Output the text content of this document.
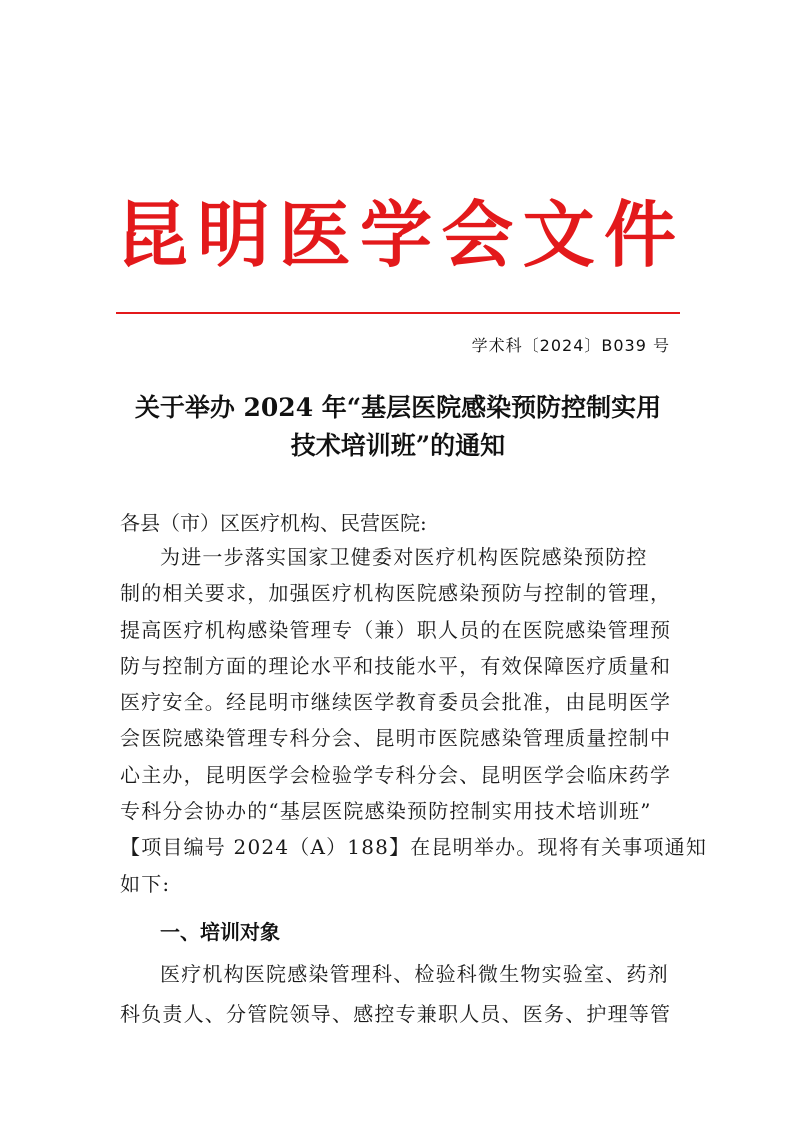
昆 明 医 学 会 文 件
学术科〔2024〕B039 号
关于举办 2024 年“基层医院感染预防控制实用
技术培训班”的通知
各县（市）区医疗机构、民营医院:
为进一步落实国家卫健委对医疗机构医院感染预防控
制的相关要求，加强医疗机构医院感染预防与控制的管理，
提高医疗机构感染管理专（兼）职人员的在医院感染管理预
防与控制方面的理论水平和技能水平，有效保障医疗质量和
医疗安全。经昆明市继续医学教育委员会批准，由昆明医学
会医院感染管理专科分会、昆明市医院感染管理质量控制中
心主办，昆明医学会检验学专科分会、昆明医学会临床药学
专科分会协办的“基层医院感染预防控制实用技术培训班”
【项目编号 2024（A）188】在昆明举办。现将有关事项通知
如下:
一、培训对象
医疗机构医院感染管理科、检验科微生物实验室、药剂
科负责人、分管院领导、感控专兼职人员、医务、护理等管
